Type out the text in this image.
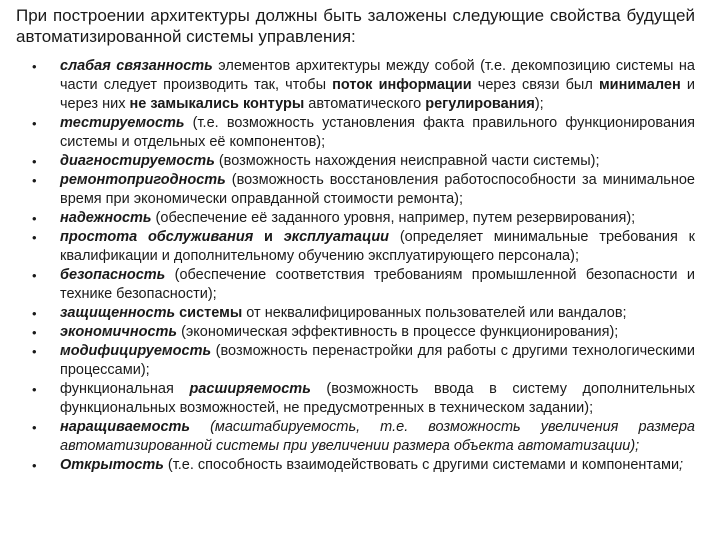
При построении архитектуры должны быть заложены следующие свойства будущей автоматизированной системы управления:

• слабая связанность элементов архитектуры между собой (т.е. декомпозицию системы на части следует производить так, чтобы поток информации через связи был минимален и через них не замыкались контуры автоматического регулирования);
• тестируемость (т.е. возможность установления факта правильного функционирования системы и отдельных её компонентов);
• диагностируемость (возможность нахождения неисправной части системы);
• ремонтопригодность (возможность восстановления работоспособности за минимальное время при экономически оправданной стоимости ремонта);
• надежность (обеспечение её заданного уровня, например, путем резервирования);
• простота обслуживания и эксплуатации (определяет минимальные требования к квалификации и дополнительному обучению эксплуатирующего персонала);
• безопасность (обеспечение соответствия требованиям промышленной безопасности и технике безопасности);
• защищенность системы от неквалифицированных пользователей или вандалов;
• экономичность (экономическая эффективность в процессе функционирования);
• модифицируемость (возможность перенастройки для работы с другими технологическими процессами);
• функциональная расширяемость (возможность ввода в систему дополнительных функциональных возможностей, не предусмотренных в техническом задании);
• наращиваемость (масштабируемость, т.е. возможность увеличения размера автоматизированной системы при увеличении размера объекта автоматизации);
• Открытость (т.е. способность взаимодействовать с другими системами и компонентами;
